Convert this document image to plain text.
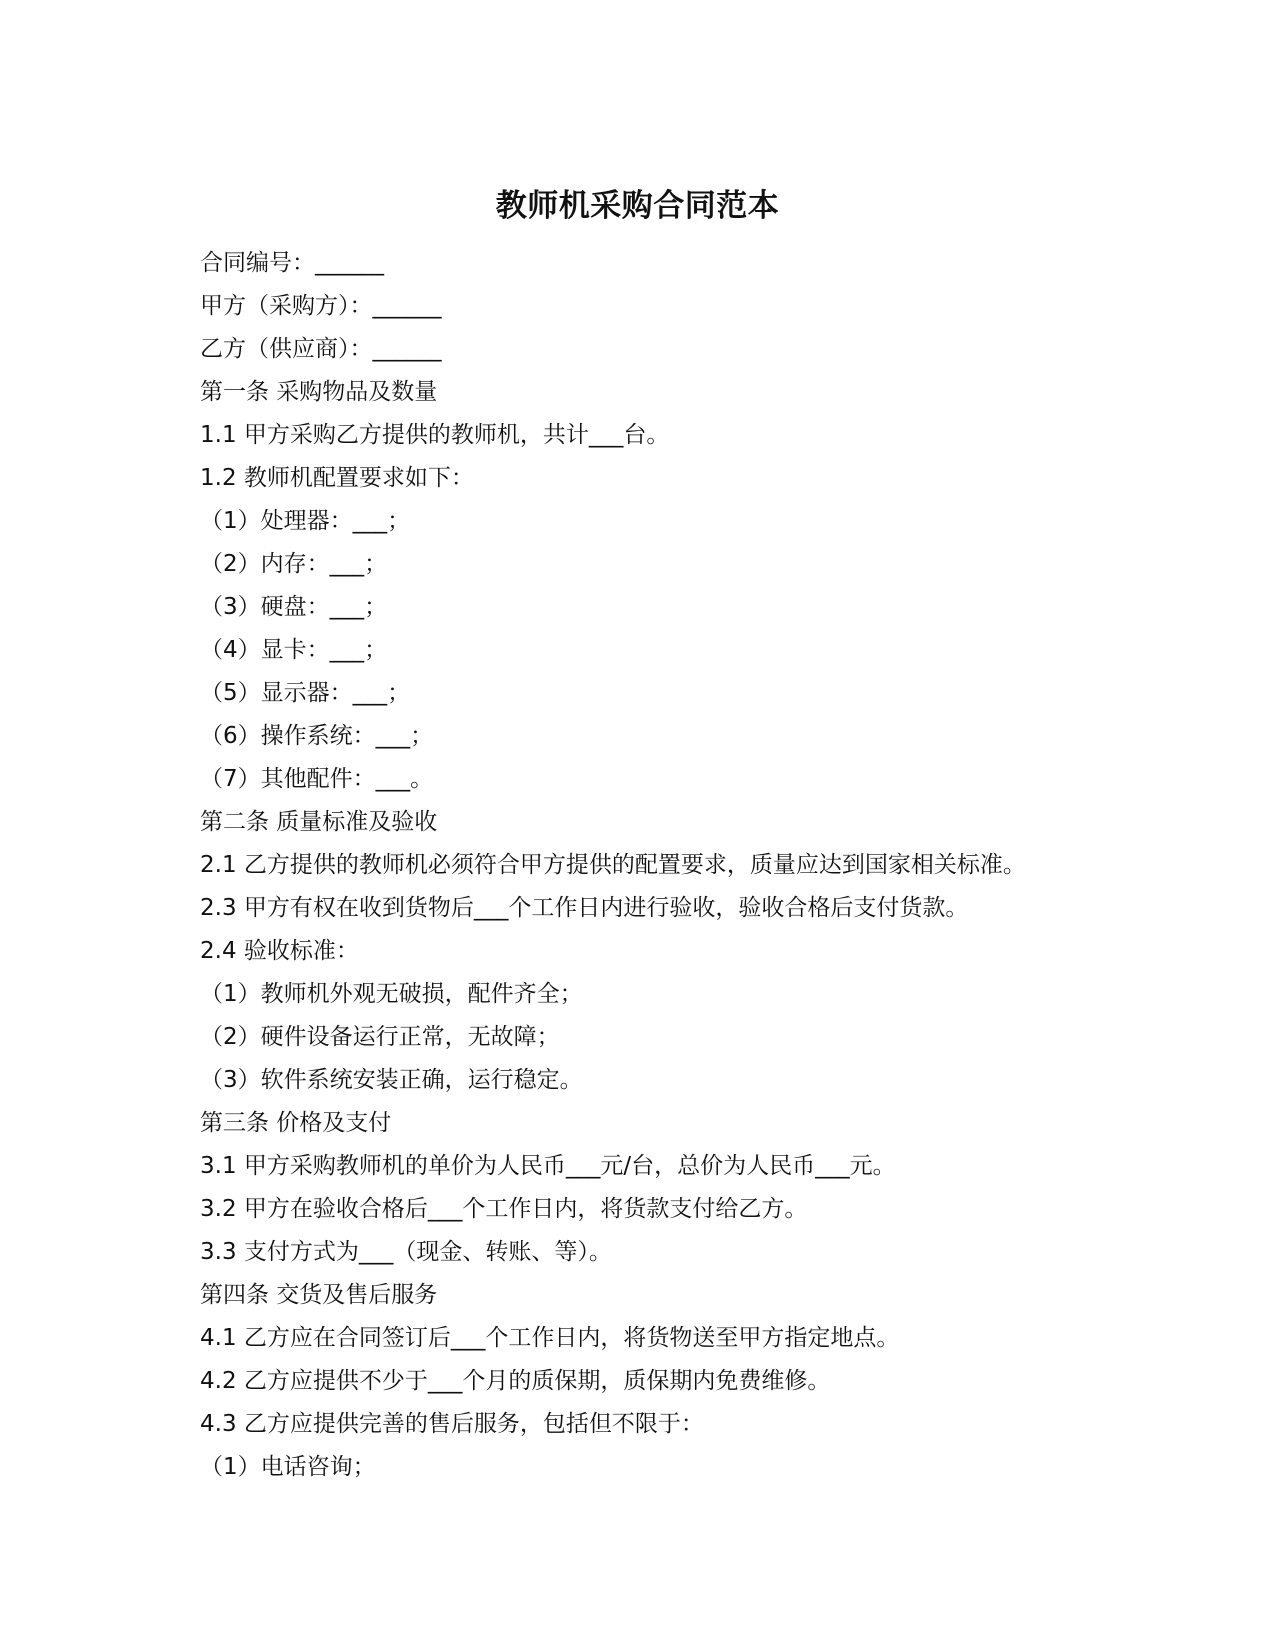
教师机采购合同范本
合同编号：______
甲方（采购方）：______
乙方（供应商）：______
第一条 采购物品及数量
1.1 甲方采购乙方提供的教师机，共计___台。
1.2 教师机配置要求如下：
（1）处理器：___；
（2）内存：___；
（3）硬盘：___；
（4）显卡：___；
（5）显示器：___；
（6）操作系统：___；
（7）其他配件：___。
第二条 质量标准及验收
2.1 乙方提供的教师机必须符合甲方提供的配置要求，质量应达到国家相关标准。
2.3 甲方有权在收到货物后___个工作日内进行验收，验收合格后支付货款。
2.4 验收标准：
（1）教师机外观无破损，配件齐全；
（2）硬件设备运行正常，无故障；
（3）软件系统安装正确，运行稳定。
第三条 价格及支付
3.1 甲方采购教师机的单价为人民币___元/台，总价为人民币___元。
3.2 甲方在验收合格后___个工作日内，将货款支付给乙方。
3.3 支付方式为___（现金、转账、等）。
第四条 交货及售后服务
4.1 乙方应在合同签订后___个工作日内，将货物送至甲方指定地点。
4.2 乙方应提供不少于___个月的质保期，质保期内免费维修。
4.3 乙方应提供完善的售后服务，包括但不限于：
（1）电话咨询；
